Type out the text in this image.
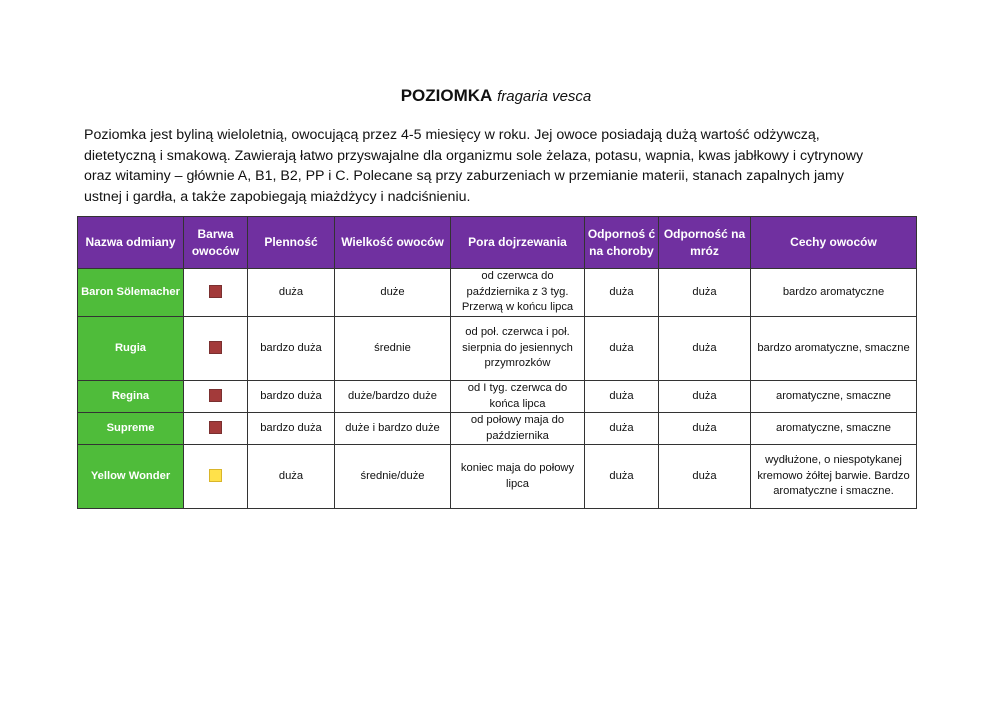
POZIOMKA fragaria vesca
Poziomka jest byliną wieloletnią, owocującą przez 4-5 miesięcy w roku. Jej owoce posiadają dużą wartość odżywczą, dietetyczną i smakową. Zawierają łatwo przyswajalne dla organizmu sole żelaza, potasu, wapnia, kwas jabłkowy i cytrynowy oraz witaminy – głównie A, B1, B2, PP i C. Polecane są przy zaburzeniach w przemianie materii, stanach zapalnych jamy ustnej i gardła, a także zapobiegają miażdżycy i nadciśnieniu.
Nazwa odmiany	Barwa owoców	Plenność	Wielkość owoców	Pora dojrzewania	Odpornoś ć na choroby	Odporność na mróz	Cechy owoców
Baron Sölemacher		duża	duże	od czerwca do października z 3 tyg. Przerwą w końcu lipca	duża	duża	bardzo aromatyczne
Rugia		bardzo duża	średnie	od poł. czerwca i poł. sierpnia do jesiennych przymrozków	duża	duża	bardzo aromatyczne, smaczne
Regina		bardzo duża	duże/bardzo duże	od I tyg. czerwca do końca lipca	duża	duża	aromatyczne, smaczne
Supreme		bardzo duża	duże i bardzo duże	od połowy maja do października	duża	duża	aromatyczne, smaczne
Yellow Wonder		duża	średnie/duże	koniec maja do połowy lipca	duża	duża	wydłużone, o niespotykanej kremowo żółtej barwie. Bardzo aromatyczne i smaczne.
